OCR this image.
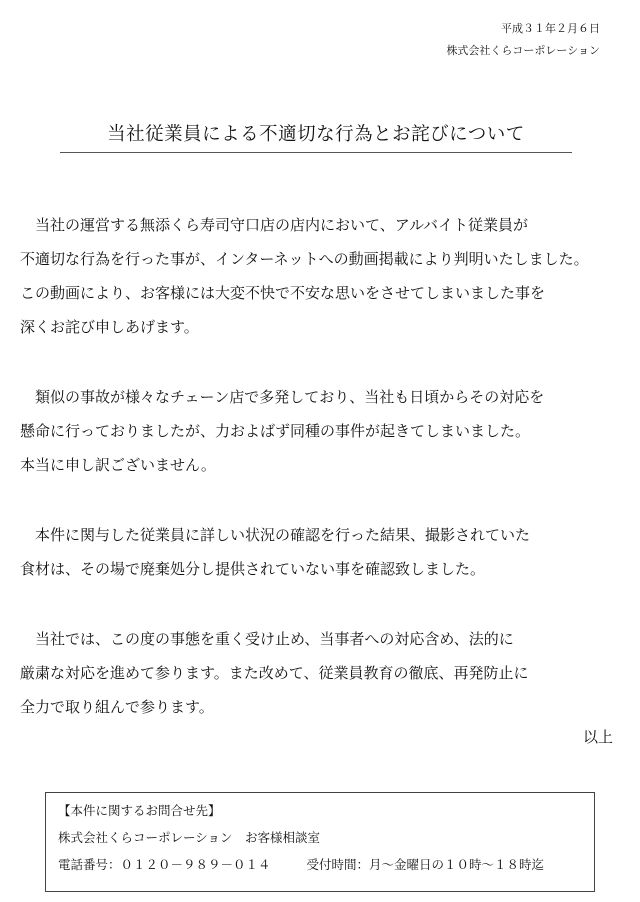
平成３１年２月６日
株式会社くらコーポレーション
当社従業員による不適切な行為とお詫びについて
　当社の運営する無添くら寿司守口店の店内において、アルバイト従業員が
不適切な行為を行った事が、インターネットへの動画掲載により判明いたしました。
この動画により、お客様には大変不快で不安な思いをさせてしまいました事を
深くお詫び申しあげます。
　類似の事故が様々なチェーン店で多発しており、当社も日頃からその対応を
懸命に行っておりましたが、力およばず同種の事件が起きてしまいました。
本当に申し訳ございません。
　本件に関与した従業員に詳しい状況の確認を行った結果、撮影されていた
食材は、その場で廃棄処分し提供されていない事を確認致しました。
　当社では、この度の事態を重く受け止め、当事者への対応含め、法的に
厳粛な対応を進めて参ります。また改めて、従業員教育の徹底、再発防止に
全力で取り組んで参ります。
以上
【本件に関するお問合せ先】
株式会社くらコーポレーション　お客様相談室
電話番号：０１２０－９８９－０１４	受付時間：月～金曜日の１０時～１８時迄
